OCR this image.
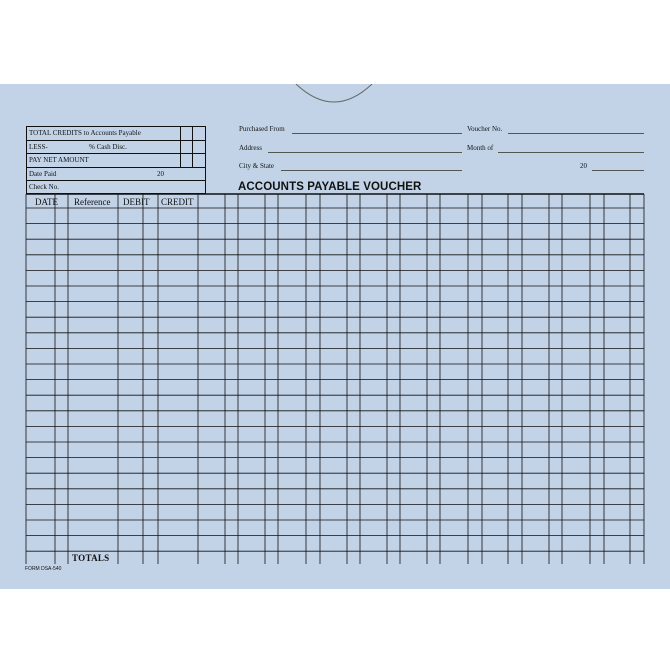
TOTAL CREDITS to Accounts Payable
LESS-	% Cash Disc.
PAY NET AMOUNT
Date Paid	20
Check No.
Purchased From	Voucher No.
Address	Month of
City & State	20
ACCOUNTS PAYABLE VOUCHER
DATE Reference DEBIT CREDIT
TOTALS
FORM DSA-540
